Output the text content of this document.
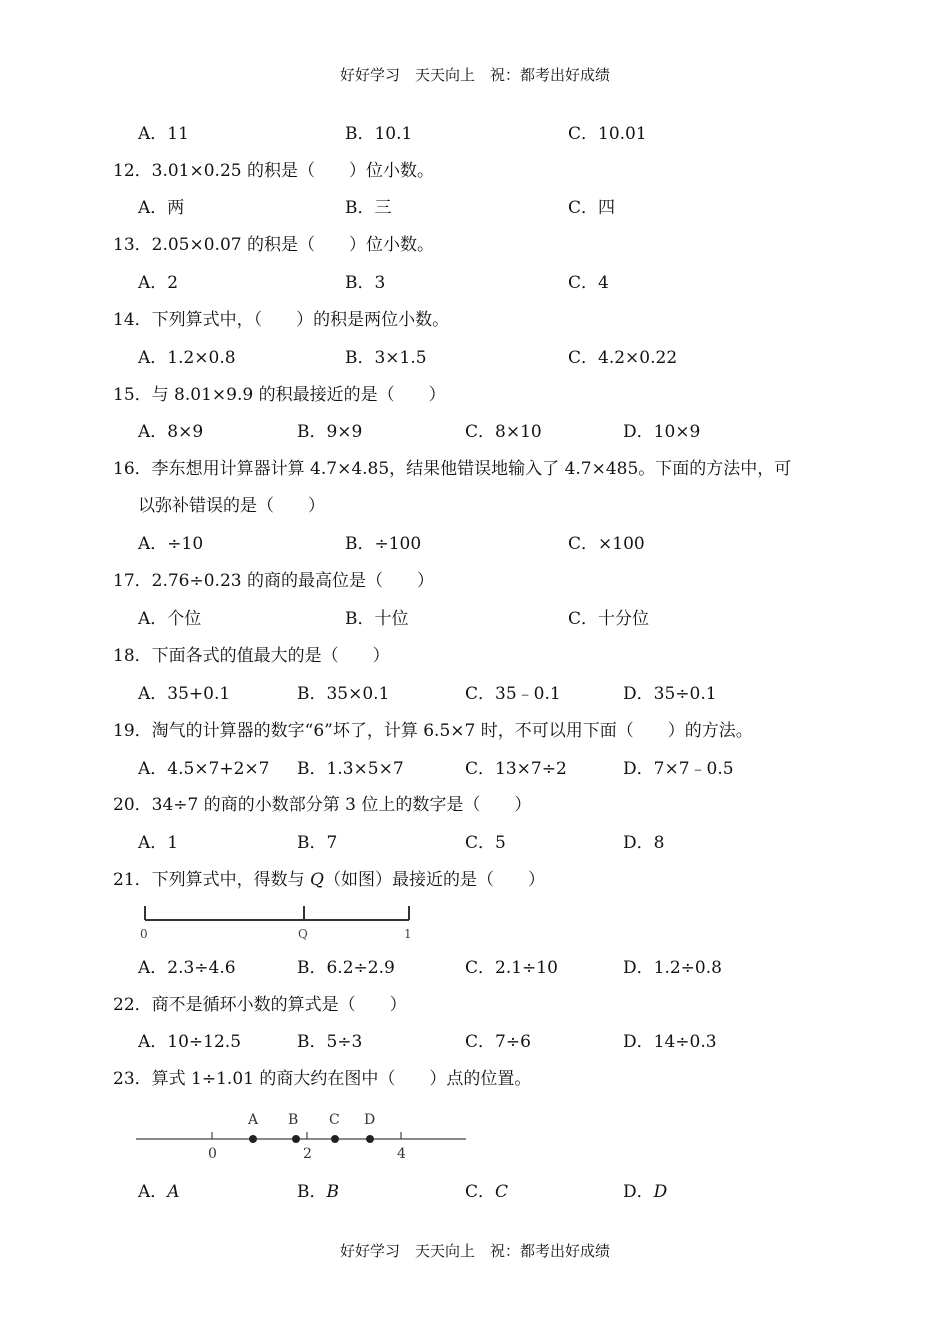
好好学习　天天向上　祝：都考出好成绩
A．11	B．10.1	C．10.01
12．3.01×0.25 的积是（　　）位小数。
A．两	B．三	C．四
13．2.05×0.07 的积是（　　）位小数。
A．2	B．3	C．4
14．下列算式中，（　　）的积是两位小数。
A．1.2×0.8	B．3×1.5	C．4.2×0.22
15．与 8.01×9.9 的积最接近的是（　　）
A．8×9	B．9×9	C．8×10	D．10×9
16．李东想用计算器计算 4.7×4.85，结果他错误地输入了 4.7×485。下面的方法中，可
以弥补错误的是（　　）
A．÷10	B．÷100	C．×100
17．2.76÷0.23 的商的最高位是（　　）
A．个位	B．十位	C．十分位
18．下面各式的值最大的是（　　）
A．35+0.1	B．35×0.1	C．35﹣0.1	D．35÷0.1
19．淘气的计算器的数字“6”坏了，计算 6.5×7 时，不可以用下面（　　）的方法。
A．4.5×7+2×7 B．1.3×5×7	C．13×7÷2	D．7×7﹣0.5
20．34÷7 的商的小数部分第 3 位上的数字是（　　）
A．1	B．7	C．5	D．8
21．下列算式中，得数与 Q（如图）最接近的是（　　）
0	Q	1
A．2.3÷4.6	B．6.2÷2.9	C．2.1÷10	D．1.2÷0.8
22．商不是循环小数的算式是（　　）
A．10÷12.5	B．5÷3	C．7÷6	D．14÷0.3
23．算式 1÷1.01 的商大约在图中（　　）点的位置。
0	2	4
A B C D
A．A	B．B	C．C	D．D
好好学习　天天向上　祝：都考出好成绩
